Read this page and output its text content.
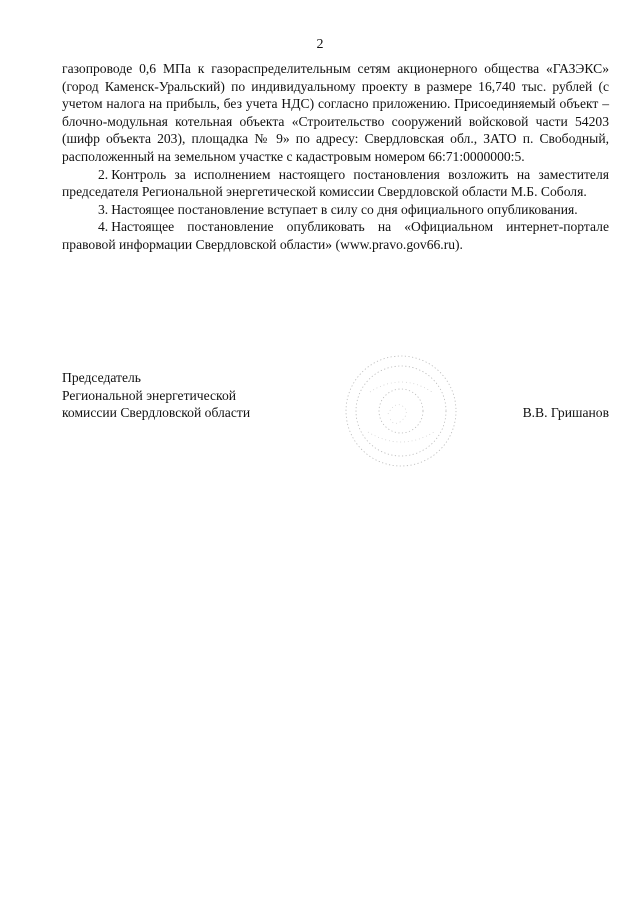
2

газопроводе 0,6 МПа к газораспределительным сетям акционерного общества «ГАЗЭКС» (город Каменск-Уральский) по индивидуальному проекту в размере 16,740 тыс. рублей (с учетом налога на прибыль, без учета НДС) согласно приложению. Присоединяемый объект – блочно-модульная котельная объекта «Строительство сооружений войсковой части 54203 (шифр объекта 203), площадка № 9» по адресу: Свердловская обл., ЗАТО п. Свободный, расположенный на земельном участке с кадастровым номером 66:71:0000000:5.

2. Контроль за исполнением настоящего постановления возложить на заместителя председателя Региональной энергетической комиссии Свердловской области М.Б. Соболя.

3. Настоящее постановление вступает в силу со дня официального опубликования.

4. Настоящее постановление опубликовать на «Официальном интернет-портале правовой информации Свердловской области» (www.pravo.gov66.ru).

Председатель
Региональной энергетической
комиссии Свердловской области	В.В. Гришанов
